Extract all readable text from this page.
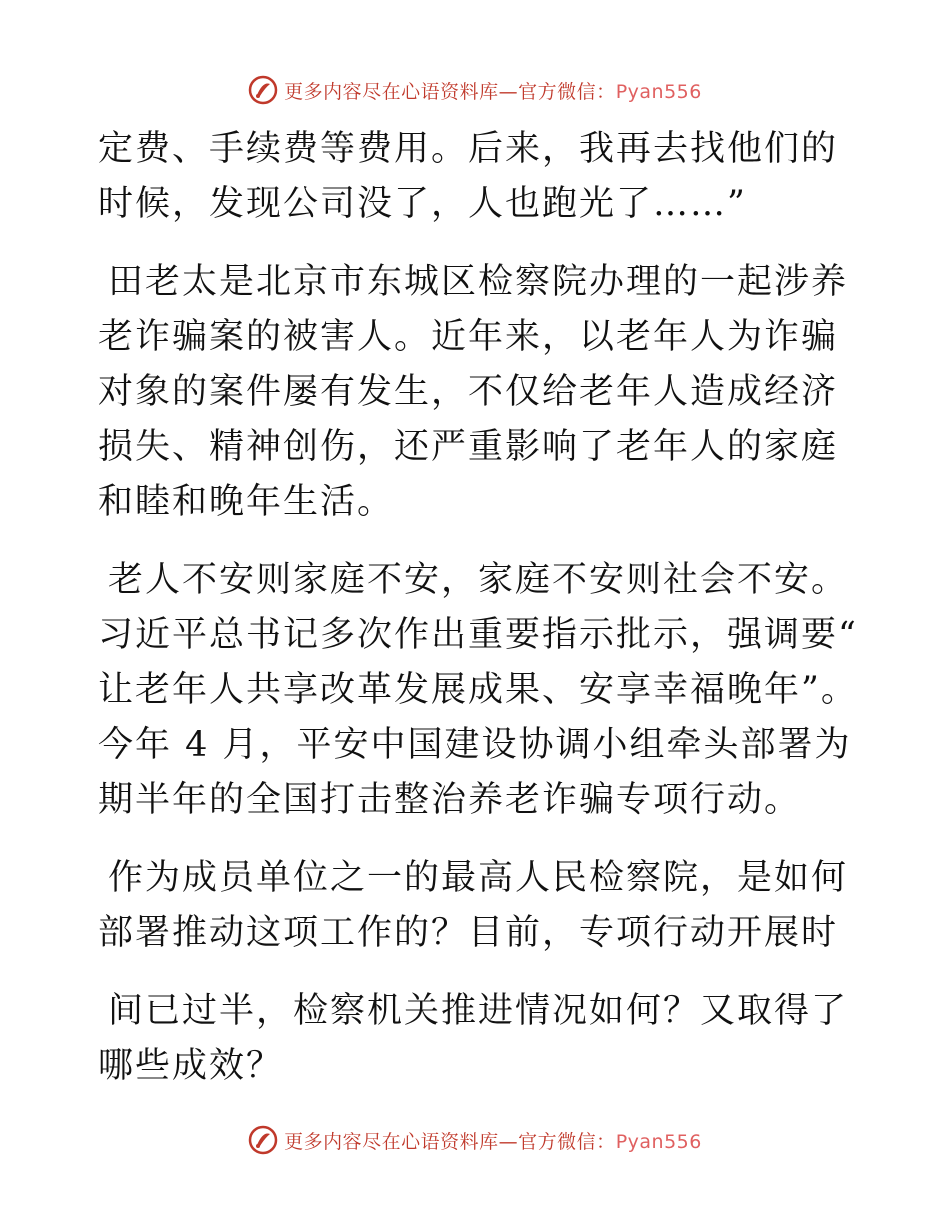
更多内容尽在心语资料库—官方微信：Pyan556

定费、手续费等费用。后来，我再去找他们的时候，发现公司没了，人也跑光了……”

田老太是北京市东城区检察院办理的一起涉养老诈骗案的被害人。近年来，以老年人为诈骗对象的案件屡有发生，不仅给老年人造成经济损失、精神创伤，还严重影响了老年人的家庭和睦和晚年生活。

老人不安则家庭不安，家庭不安则社会不安。习近平总书记多次作出重要指示批示，强调要“ 让老年人共享改革发展成果、安享幸福晚年”。今年 4 月，平安中国建设协调小组牵头部署为期半年的全国打击整治养老诈骗专项行动。

作为成员单位之一的最高人民检察院，是如何部署推动这项工作的？目前，专项行动开展时

间已过半，检察机关推进情况如何？又取得了哪些成效？

更多内容尽在心语资料库—官方微信：Pyan556
